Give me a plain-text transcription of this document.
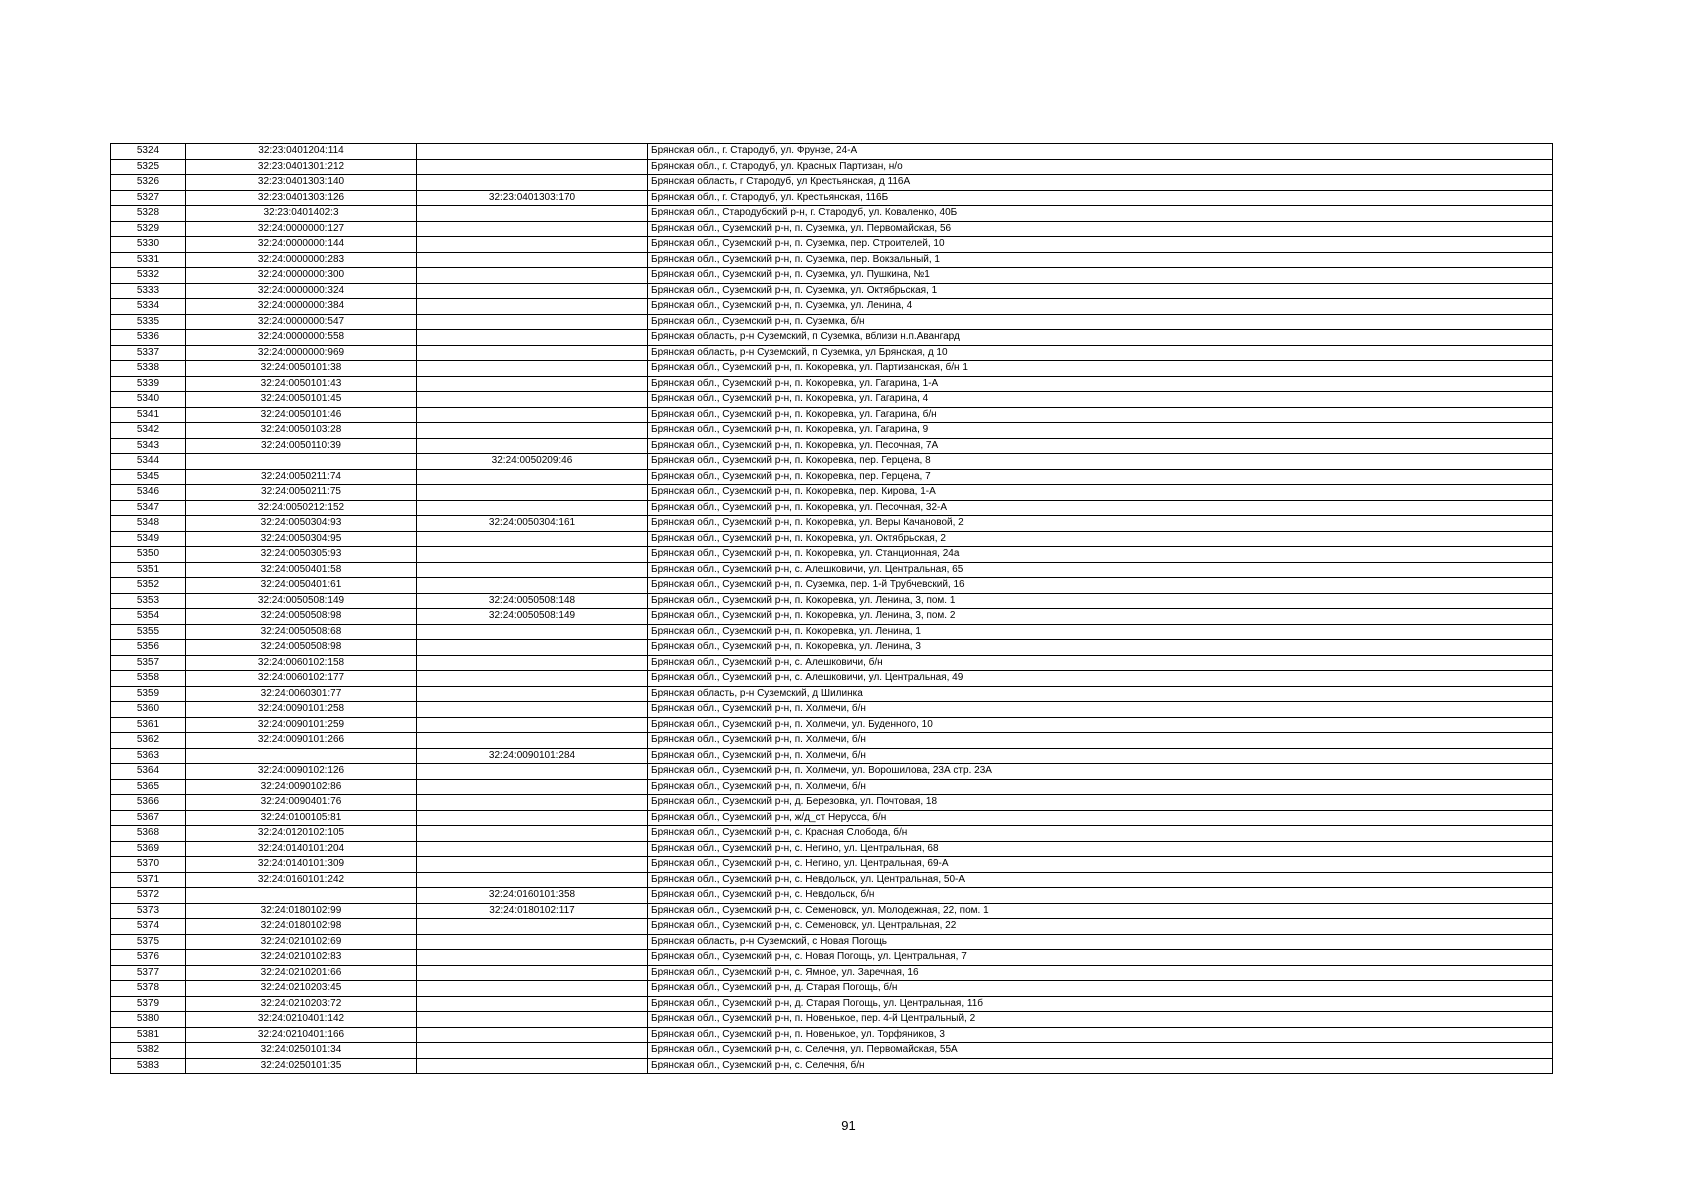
5324	32:23:0401204:114		Брянская обл., г. Стародуб, ул. Фрунзе, 24-А
5325	32:23:0401301:212		Брянская обл., г. Стародуб, ул. Красных Партизан, н/о
5326	32:23:0401303:140		Брянская область, г Стародуб, ул Крестьянская, д 116А
5327	32:23:0401303:126	32:23:0401303:170	Брянская обл., г. Стародуб, ул. Крестьянская, 116Б
5328	32:23:0401402:3		Брянская обл., Стародубский р-н, г. Стародуб, ул. Коваленко, 40Б
5329	32:24:0000000:127		Брянская обл., Суземский р-н, п. Суземка, ул. Первомайская, 56
5330	32:24:0000000:144		Брянская обл., Суземский р-н, п. Суземка, пер. Строителей, 10
5331	32:24:0000000:283		Брянская обл., Суземский р-н, п. Суземка, пер. Вокзальный, 1
5332	32:24:0000000:300		Брянская обл., Суземский р-н, п. Суземка, ул. Пушкина, №1
5333	32:24:0000000:324		Брянская обл., Суземский р-н, п. Суземка, ул. Октябрьская, 1
5334	32:24:0000000:384		Брянская обл., Суземский р-н, п. Суземка, ул. Ленина, 4
5335	32:24:0000000:547		Брянская обл., Суземский р-н, п. Суземка, б/н
5336	32:24:0000000:558		Брянская область, р-н Суземский, п Суземка, вблизи н.п.Авангард
5337	32:24:0000000:969		Брянская область, р-н Суземский, п Суземка, ул Брянская, д 10
5338	32:24:0050101:38		Брянская обл., Суземский р-н, п. Кокоревка, ул. Партизанская, б/н 1
5339	32:24:0050101:43		Брянская обл., Суземский р-н, п. Кокоревка, ул. Гагарина, 1-А
5340	32:24:0050101:45		Брянская обл., Суземский р-н, п. Кокоревка, ул. Гагарина, 4
5341	32:24:0050101:46		Брянская обл., Суземский р-н, п. Кокоревка, ул. Гагарина, б/н
5342	32:24:0050103:28		Брянская обл., Суземский р-н, п. Кокоревка, ул. Гагарина, 9
5343	32:24:0050110:39		Брянская обл., Суземский р-н, п. Кокоревка, ул. Песочная, 7А
5344		32:24:0050209:46	Брянская обл., Суземский р-н, п. Кокоревка, пер. Герцена, 8
5345	32:24:0050211:74		Брянская обл., Суземский р-н, п. Кокоревка, пер. Герцена, 7
5346	32:24:0050211:75		Брянская обл., Суземский р-н, п. Кокоревка, пер. Кирова, 1-А
5347	32:24:0050212:152		Брянская обл., Суземский р-н, п. Кокоревка, ул. Песочная, 32-А
5348	32:24:0050304:93	32:24:0050304:161	Брянская обл., Суземский р-н, п. Кокоревка, ул. Веры Качановой, 2
5349	32:24:0050304:95		Брянская обл., Суземский р-н, п. Кокоревка, ул. Октябрьская, 2
5350	32:24:0050305:93		Брянская обл., Суземский р-н, п. Кокоревка, ул. Станционная, 24а
5351	32:24:0050401:58		Брянская обл., Суземский р-н, с. Алешковичи, ул. Центральная, 65
5352	32:24:0050401:61		Брянская обл., Суземский р-н, п. Суземка, пер. 1-й Трубчевский, 16
5353	32:24:0050508:149	32:24:0050508:148	Брянская обл., Суземский р-н, п. Кокоревка, ул. Ленина, 3, пом. 1
5354	32:24:0050508:98	32:24:0050508:149	Брянская обл., Суземский р-н, п. Кокоревка, ул. Ленина, 3, пом. 2
5355	32:24:0050508:68		Брянская обл., Суземский р-н, п. Кокоревка, ул. Ленина, 1
5356	32:24:0050508:98		Брянская обл., Суземский р-н, п. Кокоревка, ул. Ленина, 3
5357	32:24:0060102:158		Брянская обл., Суземский р-н, с. Алешковичи, б/н
5358	32:24:0060102:177		Брянская обл., Суземский р-н, с. Алешковичи, ул. Центральная, 49
5359	32:24:0060301:77		Брянская область, р-н Суземский, д Шилинка
5360	32:24:0090101:258		Брянская обл., Суземский р-н, п. Холмечи, б/н
5361	32:24:0090101:259		Брянская обл., Суземский р-н, п. Холмечи, ул. Буденного, 10
5362	32:24:0090101:266		Брянская обл., Суземский р-н, п. Холмечи, б/н
5363		32:24:0090101:284	Брянская обл., Суземский р-н, п. Холмечи, б/н
5364	32:24:0090102:126		Брянская обл., Суземский р-н, п. Холмечи, ул. Ворошилова, 23А стр. 23А
5365	32:24:0090102:86		Брянская обл., Суземский р-н, п. Холмечи, б/н
5366	32:24:0090401:76		Брянская обл., Суземский р-н, д. Березовка, ул. Почтовая, 18
5367	32:24:0100105:81		Брянская обл., Суземский р-н, ж/д_ст Неруссa, б/н
5368	32:24:0120102:105		Брянская обл., Суземский р-н, с. Красная Слобода, б/н
5369	32:24:0140101:204		Брянская обл., Суземский р-н, с. Негино, ул. Центральная, 68
5370	32:24:0140101:309		Брянская обл., Суземский р-н, с. Негино, ул. Центральная, 69-А
5371	32:24:0160101:242		Брянская обл., Суземский р-н, с. Невдольск, ул. Центральная, 50-А
5372		32:24:0160101:358	Брянская обл., Суземский р-н, с. Невдольск, б/н
5373	32:24:0180102:99	32:24:0180102:117	Брянская обл., Суземский р-н, с. Семеновск, ул. Молодежная, 22, пом. 1
5374	32:24:0180102:98		Брянская обл., Суземский р-н, с. Семеновск, ул. Центральная, 22
5375	32:24:0210102:69		Брянская область, р-н Суземский, с Новая Погощь
5376	32:24:0210102:83		Брянская обл., Суземский р-н, с. Новая Погощь, ул. Центральная, 7
5377	32:24:0210201:66		Брянская обл., Суземский р-н, с. Ямное, ул. Заречная, 16
5378	32:24:0210203:45		Брянская обл., Суземский р-н, д. Старая Погощь, б/н
5379	32:24:0210203:72		Брянская обл., Суземский р-н, д. Старая Погощь, ул. Центральная, 11б
5380	32:24:0210401:142		Брянская обл., Суземский р-н, п. Новенькое, пер. 4-й Центральный, 2
5381	32:24:0210401:166		Брянская обл., Суземский р-н, п. Новенькое, ул. Торфяников, 3
5382	32:24:0250101:34		Брянская обл., Суземский р-н, с. Селечня, ул. Первомайская, 55А
5383	32:24:0250101:35		Брянская обл., Суземский р-н, с. Селечня, б/н
91
